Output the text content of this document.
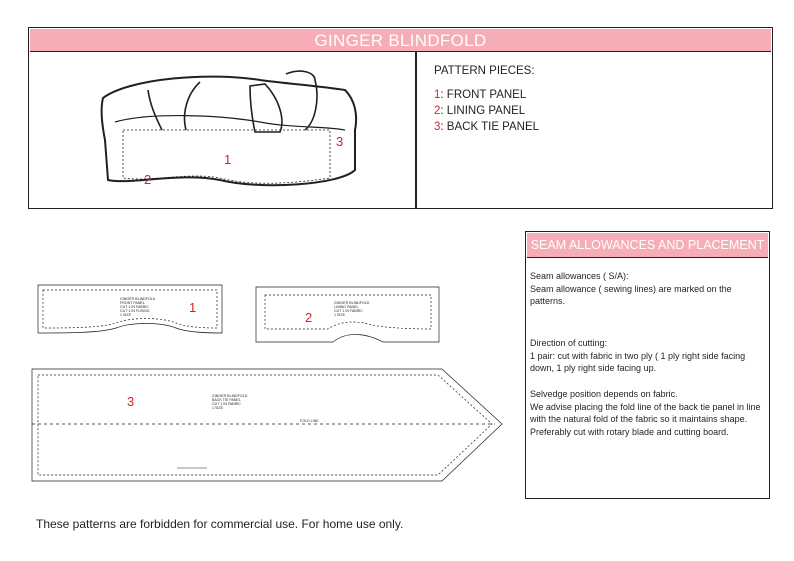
GINGER BLINDFOLD
1
2
3
PATTERN PIECES:
1: FRONT PANEL
2: LINING PANEL
3: BACK TIE PANEL
GINGER BLINDFOLD
FRONT PANEL
CUT 1 IN FABRIC
CUT 1 IN FUSING
1 SIZE	1	GINGER BLINDFOLD
LINING PANEL
CUT 1 IN FABRIC
1 SIZE
2
GINGER BLINDFOLD
BACK TIE PANEL
CUT 1 IN FABRIC
1 SIZE
FOLD LINE
3
SEAM ALLOWANCES AND PLACEMENT
Seam allowances ( S/A):
Seam allowance ( sewing lines) are marked on the patterns.
Direction of cutting:
1 pair: cut with fabric in two ply ( 1 ply right side facing down, 1 ply right side facing up.
Selvedge position depends on fabric.
We advise placing the fold line of the back tie panel in line with the natural fold of the fabric so it maintains shape.
Preferably cut with rotary blade and cutting board.
These patterns are forbidden for commercial use. For home use only.
